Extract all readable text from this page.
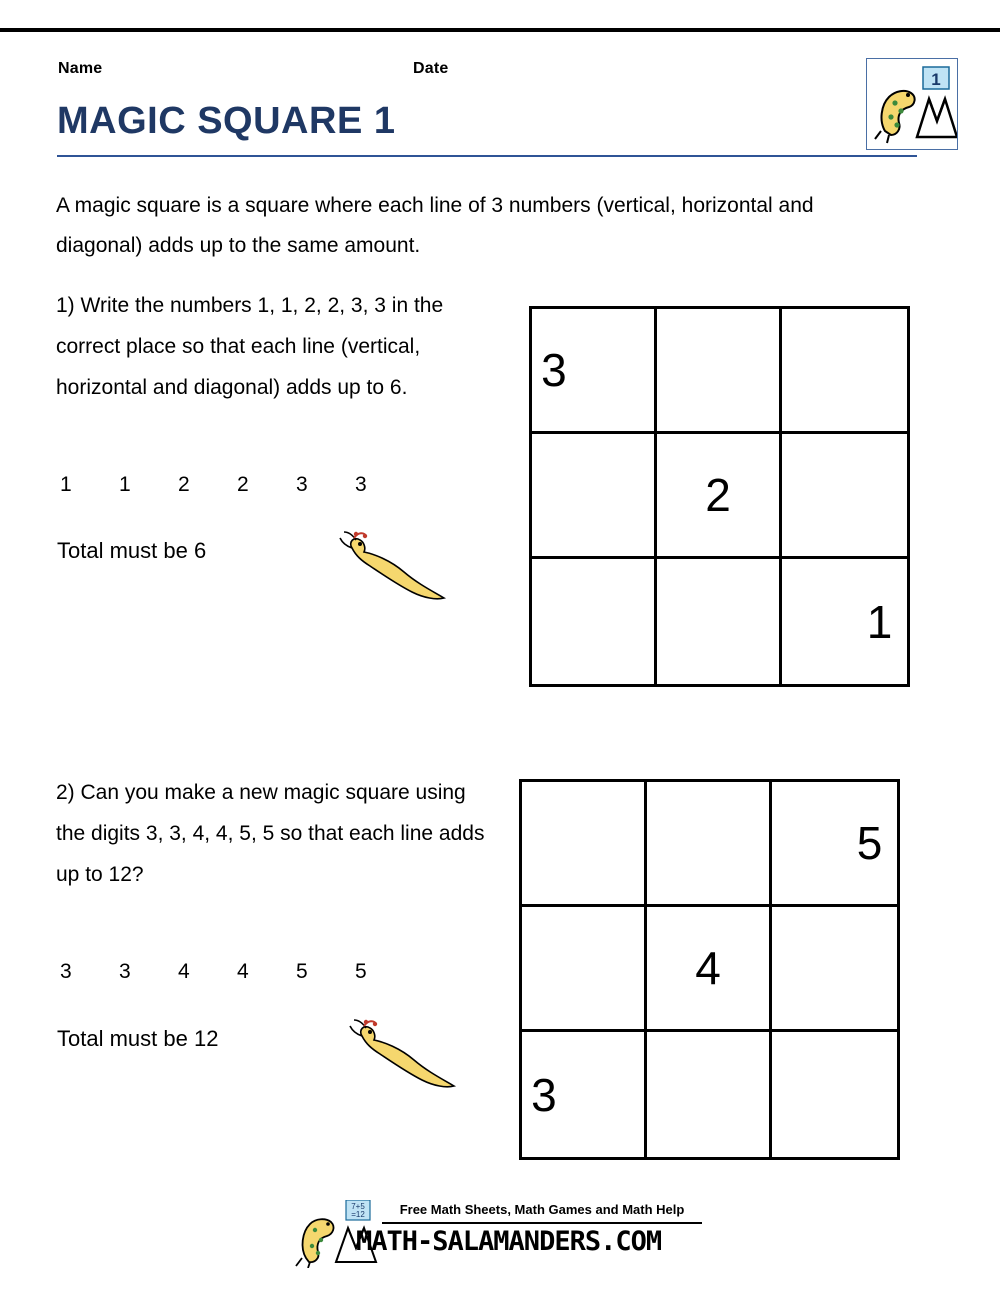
Name	Date
MAGIC SQUARE 1
1
A magic square is a square where each line of 3 numbers (vertical, horizontal and diagonal) adds up to the same amount.
1) Write the numbers 1, 1, 2, 2, 3, 3 in the correct place so that each line (vertical, horizontal and diagonal) adds up to 6.
1 1 2 2 3 3
Total must be 6
3
2
1
2) Can you make a new magic square using the digits 3, 3, 4, 4, 5, 5 so that each line adds up to 12?
3 3 4 4 5 5
Total must be 12
5
4
3
7+5
=12	Free Math Sheets, Math Games and Math Help
MATH-SALAMANDERS.COM
